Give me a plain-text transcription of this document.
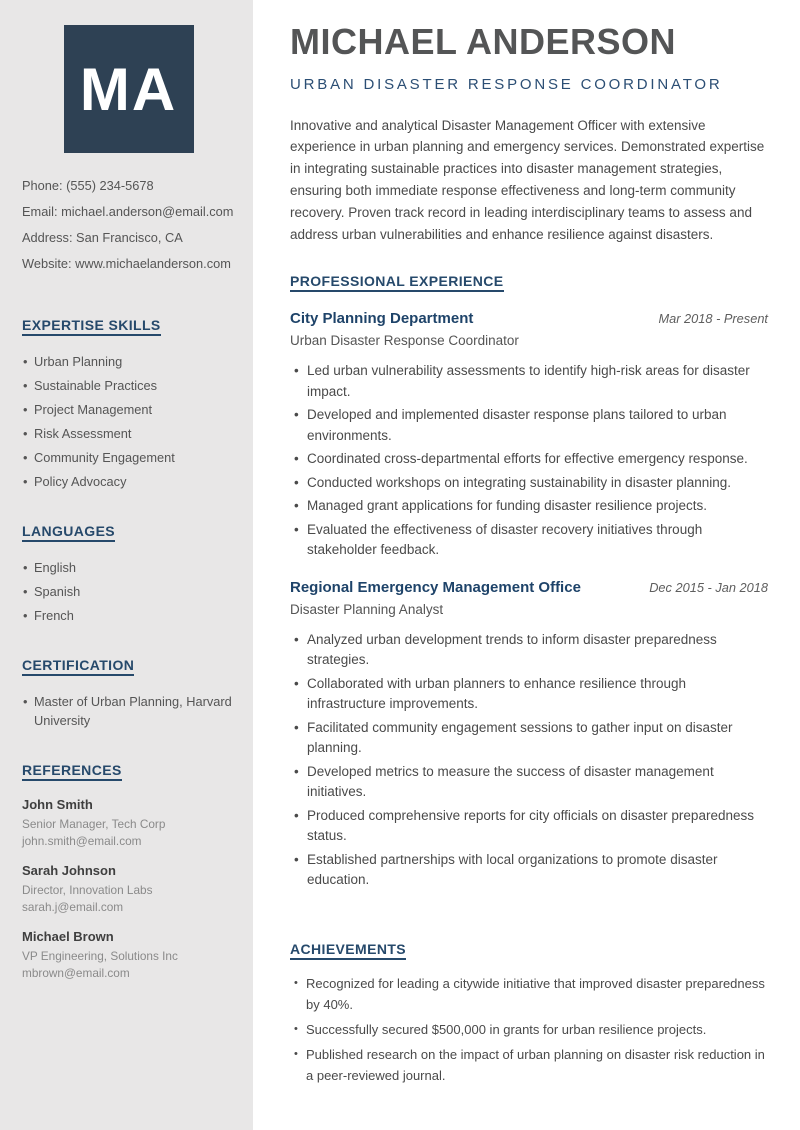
MA
Phone: (555) 234-5678
Email: michael.anderson@email.com
Address: San Francisco, CA
Website: www.michaelanderson.com
EXPERTISE SKILLS
• Urban Planning
• Sustainable Practices
• Project Management
• Risk Assessment
• Community Engagement
• Policy Advocacy
LANGUAGES
• English
• Spanish
• French
CERTIFICATION
• Master of Urban Planning, Harvard University
REFERENCES
John Smith
Senior Manager, Tech Corp
john.smith@email.com
Sarah Johnson
Director, Innovation Labs
sarah.j@email.com
Michael Brown
VP Engineering, Solutions Inc
mbrown@email.com
MICHAEL ANDERSON
URBAN DISASTER RESPONSE COORDINATOR

Innovative and analytical Disaster Management Officer with extensive experience in urban planning and emergency services. Demonstrated expertise in integrating sustainable practices into disaster management strategies, ensuring both immediate response effectiveness and long-term community recovery. Proven track record in leading interdisciplinary teams to assess and address urban vulnerabilities and enhance resilience against disasters.

PROFESSIONAL EXPERIENCE
City Planning Department	Mar 2018 - Present
Urban Disaster Response Coordinator
• Led urban vulnerability assessments to identify high-risk areas for disaster impact.
• Developed and implemented disaster response plans tailored to urban environments.
• Coordinated cross-departmental efforts for effective emergency response.
• Conducted workshops on integrating sustainability in disaster planning.
• Managed grant applications for funding disaster resilience projects.
• Evaluated the effectiveness of disaster recovery initiatives through stakeholder feedback.
Regional Emergency Management Office	Dec 2015 - Jan 2018
Disaster Planning Analyst
• Analyzed urban development trends to inform disaster preparedness strategies.
• Collaborated with urban planners to enhance resilience through infrastructure improvements.
• Facilitated community engagement sessions to gather input on disaster planning.
• Developed metrics to measure the success of disaster management initiatives.
• Produced comprehensive reports for city officials on disaster preparedness status.
• Established partnerships with local organizations to promote disaster education.
ACHIEVEMENTS
• Recognized for leading a citywide initiative that improved disaster preparedness by 40%.
• Successfully secured $500,000 in grants for urban resilience projects.
• Published research on the impact of urban planning on disaster risk reduction in a peer-reviewed journal.
